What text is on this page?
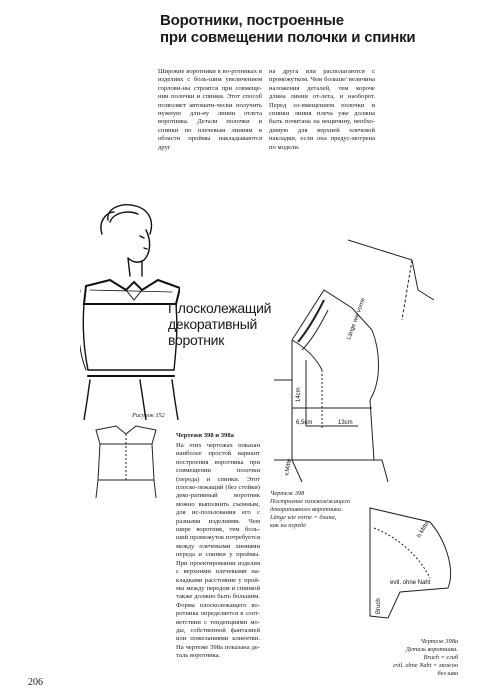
Воротники, построенные
при совмещении полочки и спинки
Широкие воротники в во-ротниках в изделиях с боль-шим увеличением горлови-ны строятся при совмеще-нии полочки и спинки. Этот способ позволяет автомати-чески получить нужную дли-ну линии отлета воротника. Детали полочки и спинки по плечевым линиям в области проймы накладываются друг
на друга или располагаются с промежутком. Чем больше/ величина наложения деталей, тем короче длина линии от-лета, и наоборот. Перед со-вмещением полочки и спинки линия плеча уже должна быть почитана на вещичину, необхо-димую для верхней плечевой накладки, если она предус-мотрена по модели.
Плосколежащий
декоративный воротник
Рисунок 152
Чертежи 398 и 398а
На этих чертежах показан наиболее простой вариант построения воротника при совмещении полочки (переда) и спинки. Этот плоско-лежащий (без стойки) деко-ративный воротник можно выполнить съемным, для ис-пользования его с разными изделиями. Чем шире воротник, тем боль-ший промежуток потребуется между плечевыми линиями переда и спинки у проймы. При проектировании изделия с верхними плечевыми на-кладками расстояние у прой-мы между передом и спинкой также должно быть большим. Форма плосколежащего во-ротника определяется в соот-ветствии с тенденциями мо-ды, собственной фантазией или пожеланиями клиентки. На чертеже 398а показана де-таль воротника.
Länge wie vorne
14cm
6,5cm	13cm
v.Mitte
Чертеж 398
Построение плосколежащего
декоративного воротника.
Länge wie vorne = длина,
как на переде	h.Mitte
evtl. ohne Naht
Bruch
Чертеж 398а
Деталь воротника.
Bruch = сгиб
evtl. ohne Naht = можно
без шва
206
